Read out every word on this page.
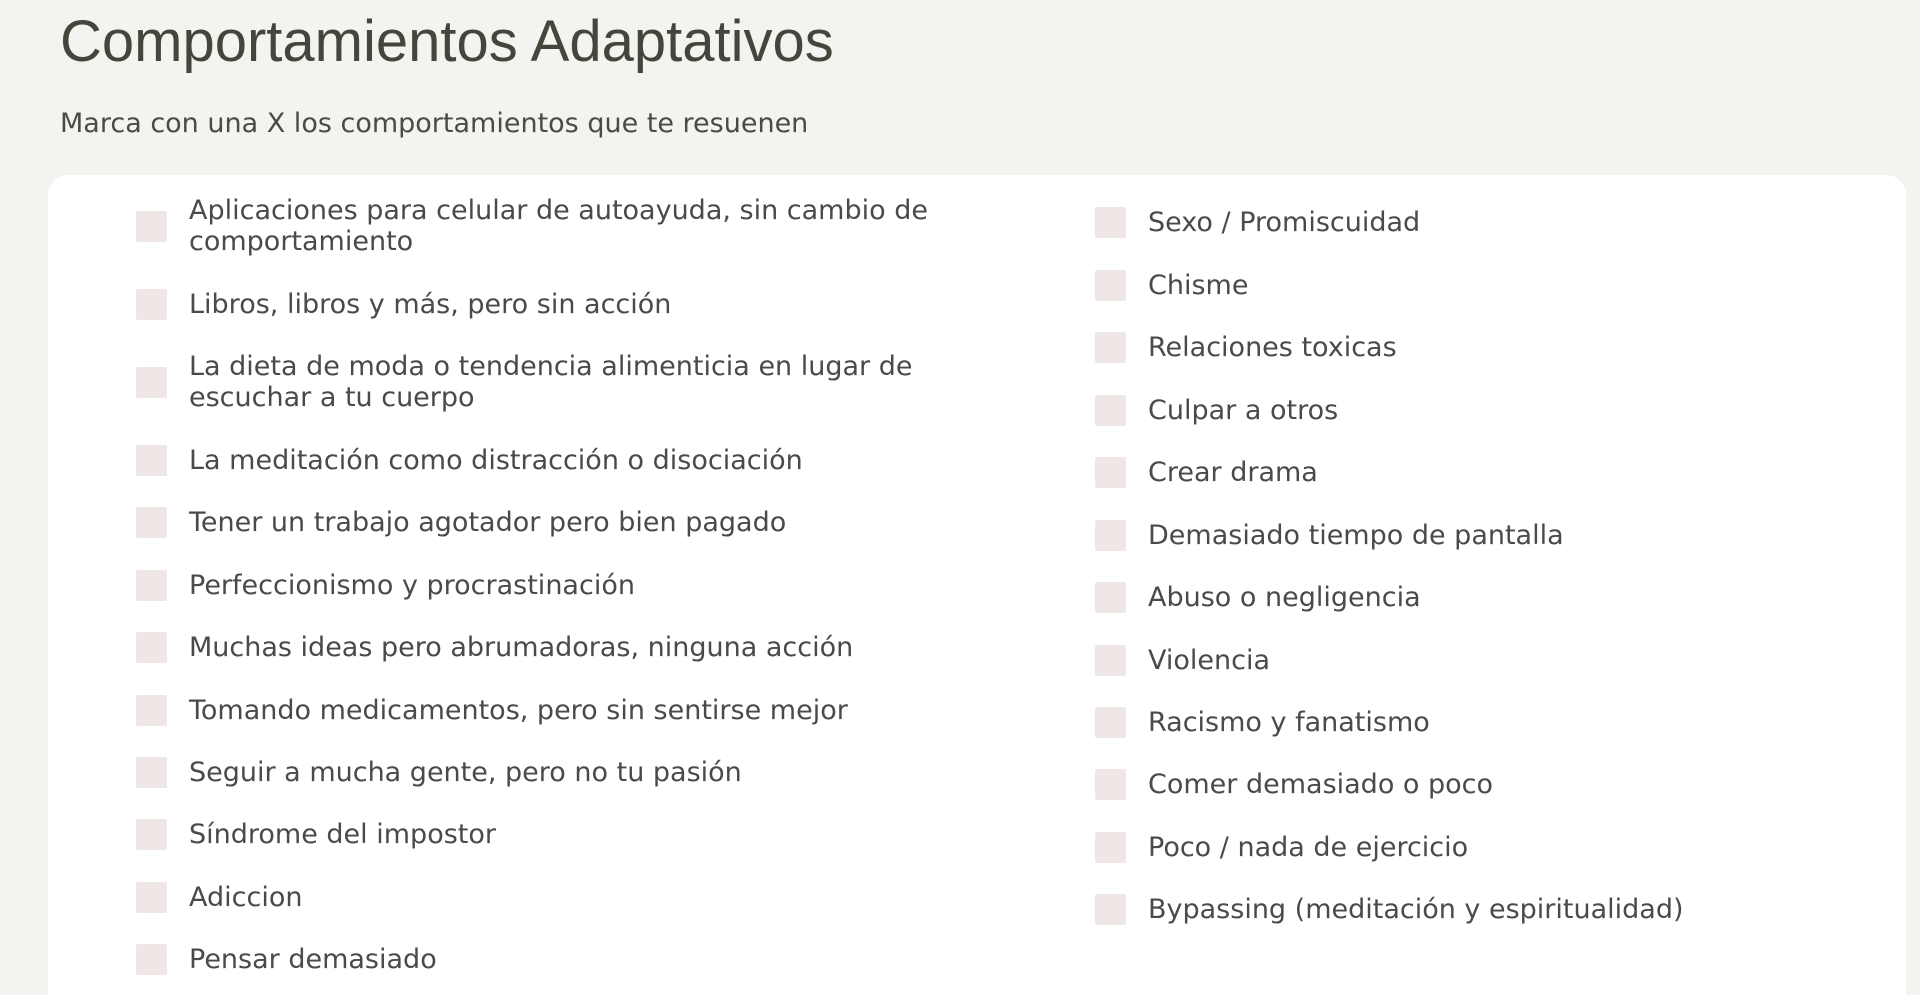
Comportamientos Adaptativos

Marca con una X los comportamientos que te resuenen

Aplicaciones para celular de autoayuda, sin cambio de comportamiento
Libros, libros y más, pero sin acción
La dieta de moda o tendencia alimenticia en lugar de escuchar a tu cuerpo
La meditación como distracción o disociación
Tener un trabajo agotador pero bien pagado
Perfeccionismo y procrastinación
Muchas ideas pero abrumadoras, ninguna acción
Tomando medicamentos, pero sin sentirse mejor
Seguir a mucha gente, pero no tu pasión
Síndrome del impostor
Adiccion
Pensar demasiado
Sexo / Promiscuidad
Chisme
Relaciones toxicas
Culpar a otros
Crear drama
Demasiado tiempo de pantalla
Abuso o negligencia
Violencia
Racismo y fanatismo
Comer demasiado o poco
Poco / nada de ejercicio
Bypassing (meditación y espiritualidad)
